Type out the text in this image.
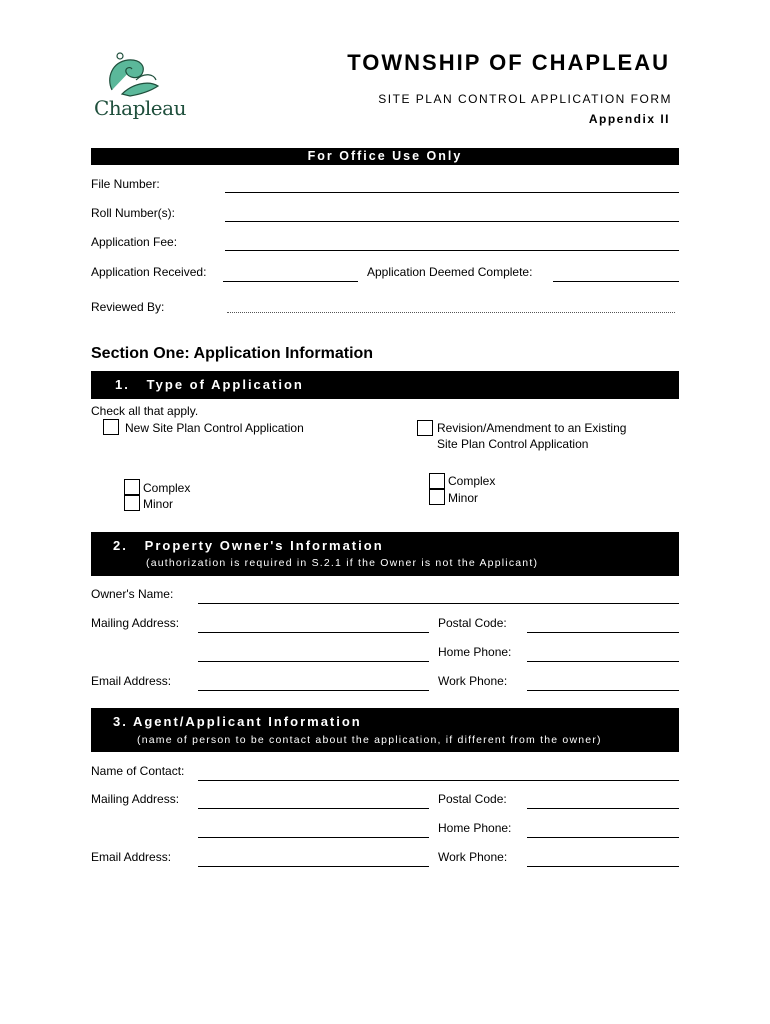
Chapleau
TOWNSHIP OF CHAPLEAU
SITE PLAN CONTROL APPLICATION FORM
Appendix II
For Office Use Only
File Number:
Roll Number(s):
Application Fee:
Application Received:	Application Deemed Complete:
Reviewed By:
Section One: Application Information
1.   Type of Application
Check all that apply.
New Site Plan Control Application	Revision/Amendment to an Existing
Site Plan Control Application
Complex
Minor
Complex
Minor
2.   Property Owner's Information
(authorization is required in S.2.1 if the Owner is not the Applicant)
Owner's Name:
Mailing Address:	Postal Code:
Home Phone:
Email Address:	Work Phone:
3. Agent/Applicant Information
(name of person to be contact about the application, if different from the owner)
Name of Contact:
Mailing Address:	Postal Code:
Home Phone:
Email Address:	Work Phone:
